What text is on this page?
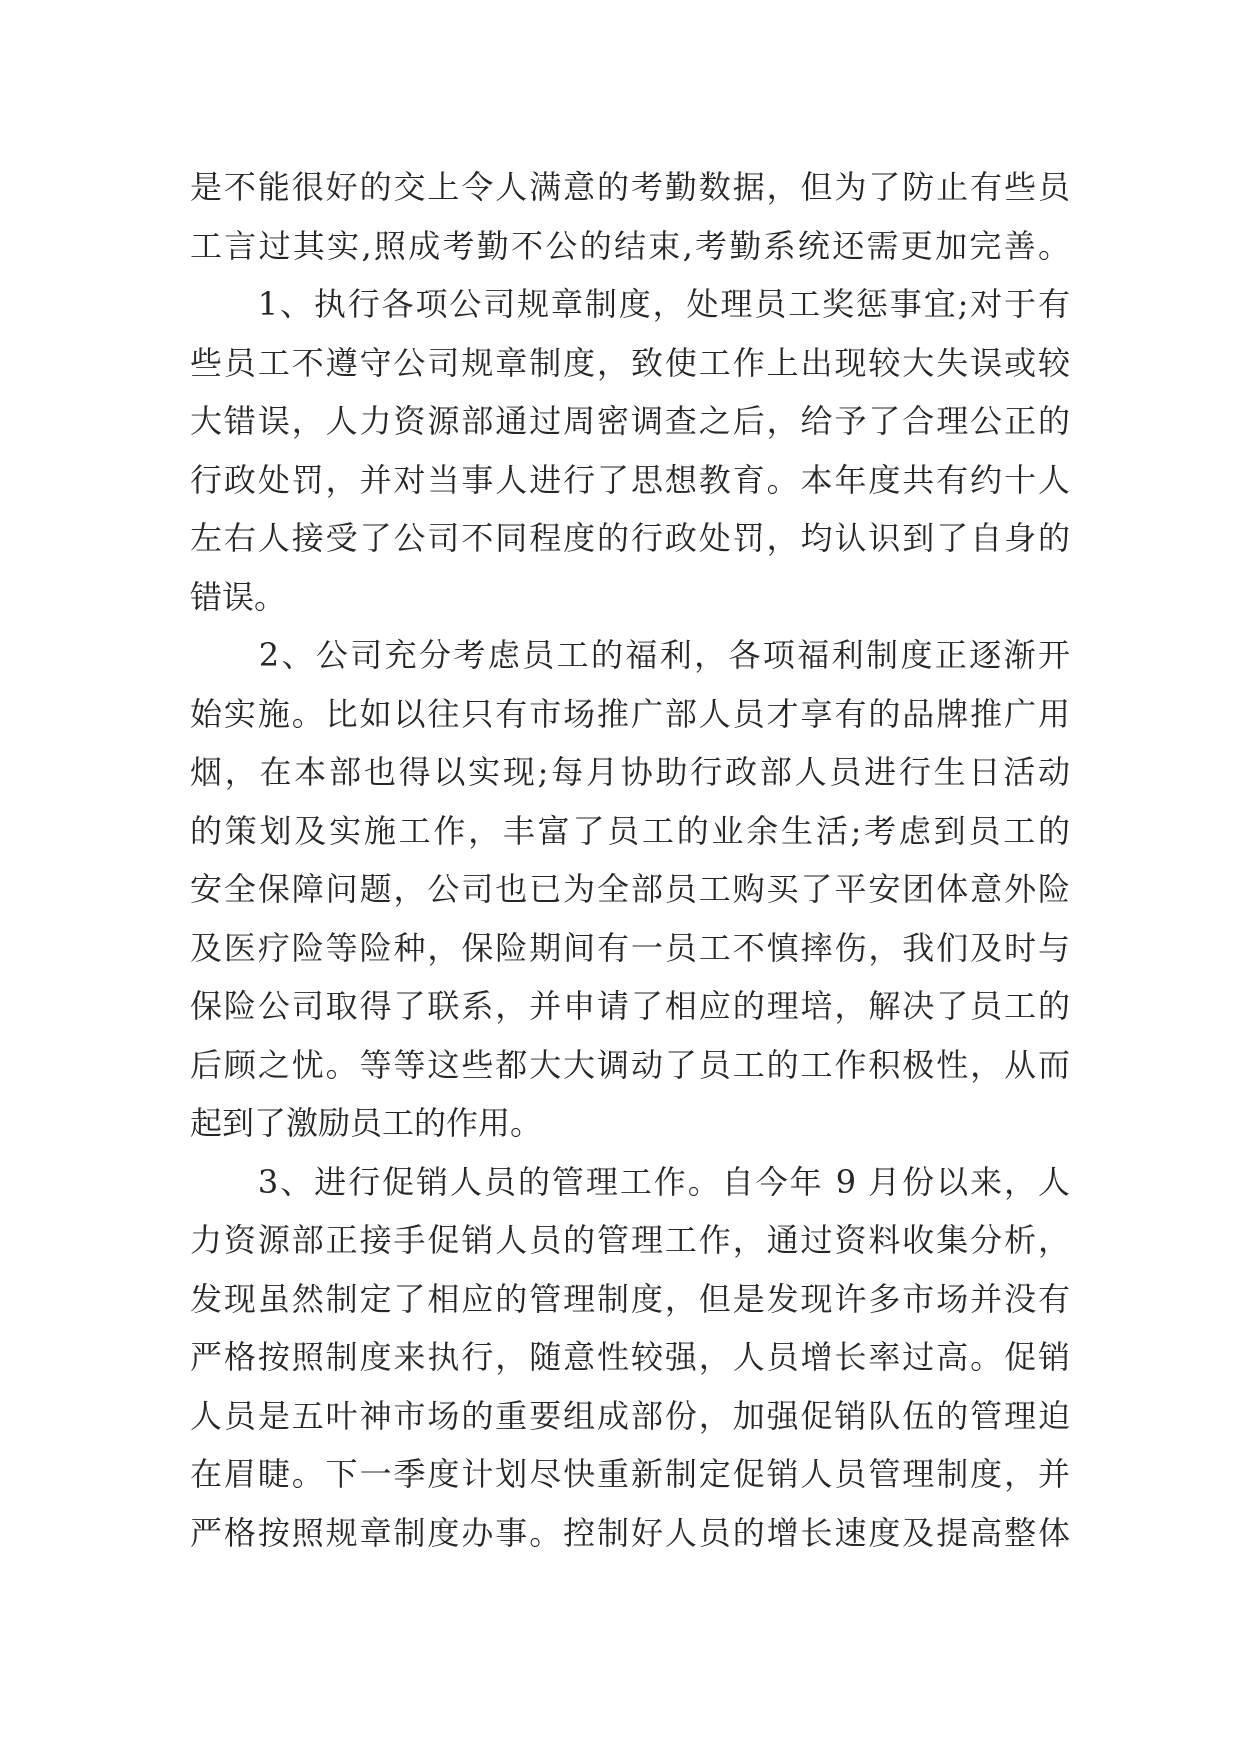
是不能很好的交上令人满意的考勤数据，但为了防止有些员
工言过其实,照成考勤不公的结束,考勤系统还需更加完善。
　　1、执行各项公司规章制度，处理员工奖惩事宜;对于有
些员工不遵守公司规章制度，致使工作上出现较大失误或较
大错误，人力资源部通过周密调查之后，给予了合理公正的
行政处罚，并对当事人进行了思想教育。本年度共有约十人
左右人接受了公司不同程度的行政处罚，均认识到了自身的
错误。
　　2、公司充分考虑员工的福利，各项福利制度正逐渐开
始实施。比如以往只有市场推广部人员才享有的品牌推广用
烟，在本部也得以实现;每月协助行政部人员进行生日活动
的策划及实施工作，丰富了员工的业余生活;考虑到员工的
安全保障问题，公司也已为全部员工购买了平安团体意外险
及医疗险等险种，保险期间有一员工不慎摔伤，我们及时与
保险公司取得了联系，并申请了相应的理培，解决了员工的
后顾之忧。等等这些都大大调动了员工的工作积极性，从而
起到了激励员工的作用。
　　3、进行促销人员的管理工作。自今年 9 月份以来，人
力资源部正接手促销人员的管理工作，通过资料收集分析，
发现虽然制定了相应的管理制度，但是发现许多市场并没有
严格按照制度来执行，随意性较强，人员增长率过高。促销
人员是五叶神市场的重要组成部份，加强促销队伍的管理迫
在眉睫。下一季度计划尽快重新制定促销人员管理制度，并
严格按照规章制度办事。控制好人员的增长速度及提高整体
